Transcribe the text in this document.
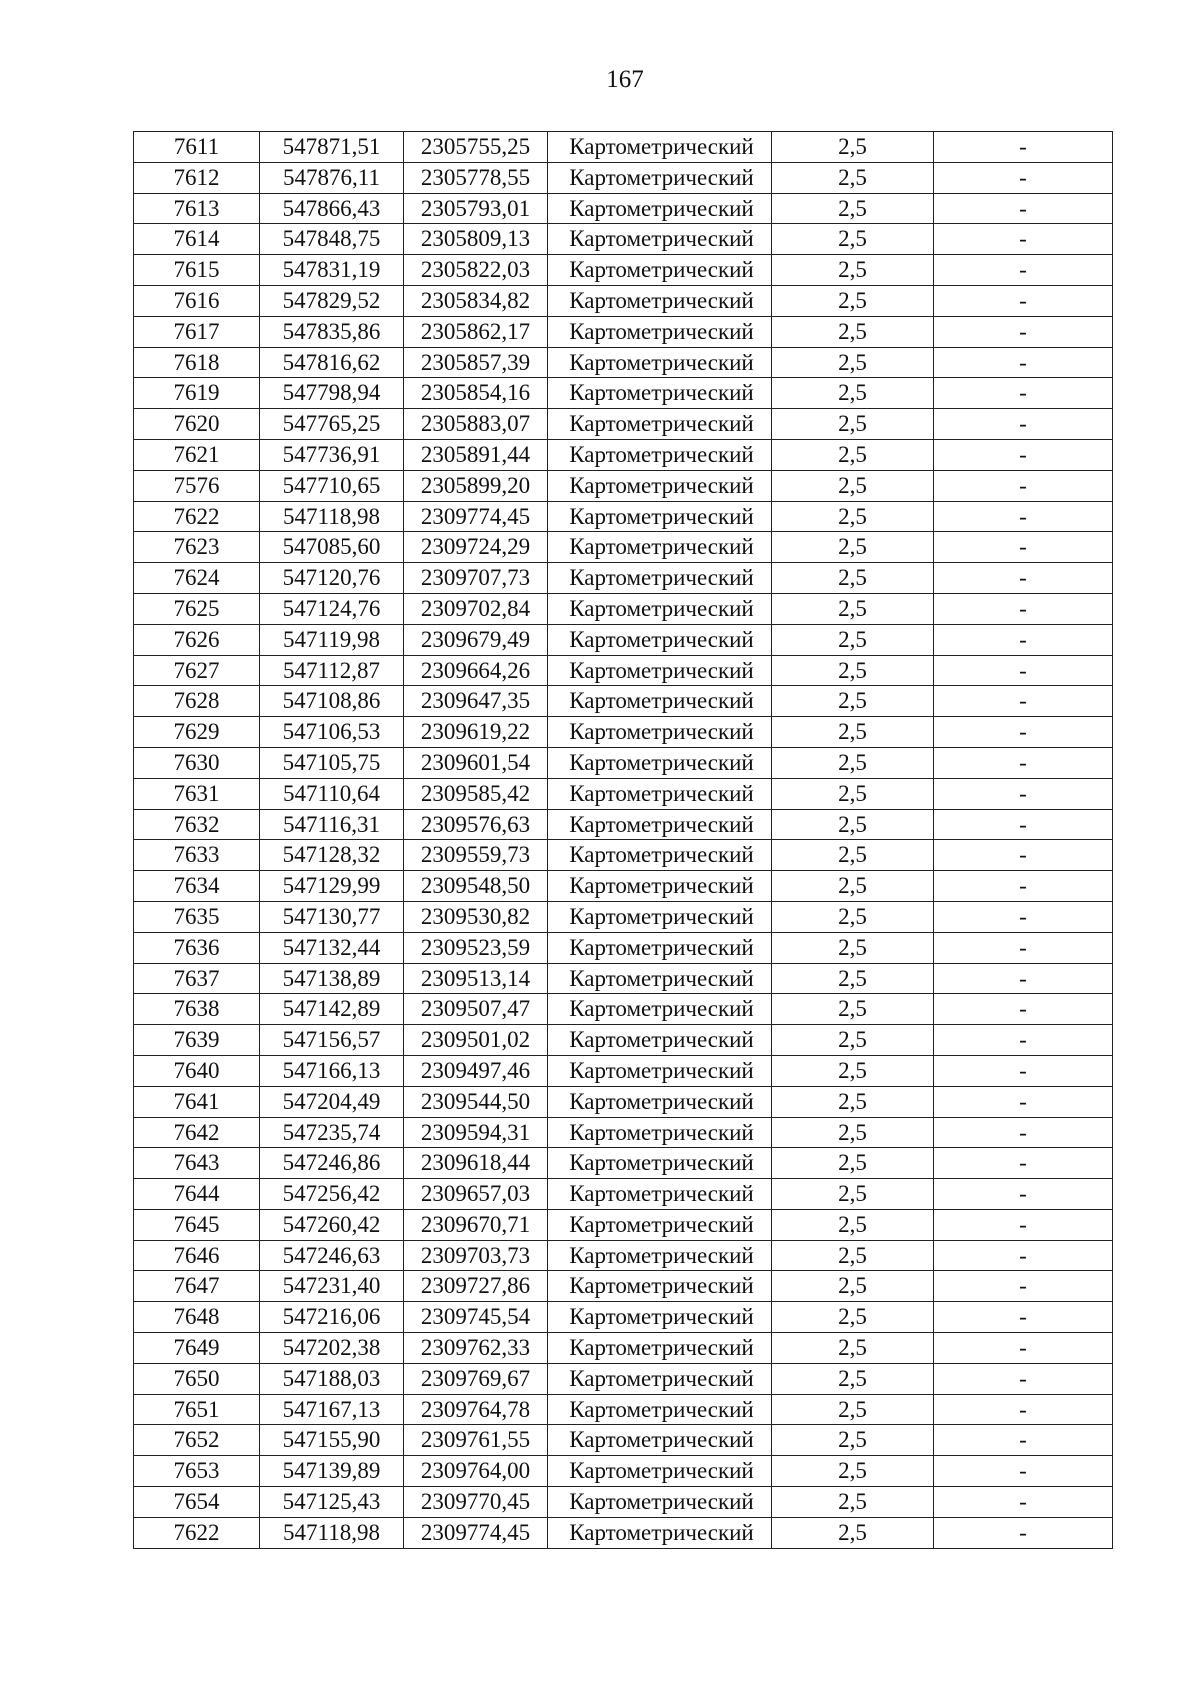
167
7611	547871,51	2305755,25	Картометрический	2,5	-
7612	547876,11	2305778,55	Картометрический	2,5	-
7613	547866,43	2305793,01	Картометрический	2,5	-
7614	547848,75	2305809,13	Картометрический	2,5	-
7615	547831,19	2305822,03	Картометрический	2,5	-
7616	547829,52	2305834,82	Картометрический	2,5	-
7617	547835,86	2305862,17	Картометрический	2,5	-
7618	547816,62	2305857,39	Картометрический	2,5	-
7619	547798,94	2305854,16	Картометрический	2,5	-
7620	547765,25	2305883,07	Картометрический	2,5	-
7621	547736,91	2305891,44	Картометрический	2,5	-
7576	547710,65	2305899,20	Картометрический	2,5	-
7622	547118,98	2309774,45	Картометрический	2,5	-
7623	547085,60	2309724,29	Картометрический	2,5	-
7624	547120,76	2309707,73	Картометрический	2,5	-
7625	547124,76	2309702,84	Картометрический	2,5	-
7626	547119,98	2309679,49	Картометрический	2,5	-
7627	547112,87	2309664,26	Картометрический	2,5	-
7628	547108,86	2309647,35	Картометрический	2,5	-
7629	547106,53	2309619,22	Картометрический	2,5	-
7630	547105,75	2309601,54	Картометрический	2,5	-
7631	547110,64	2309585,42	Картометрический	2,5	-
7632	547116,31	2309576,63	Картометрический	2,5	-
7633	547128,32	2309559,73	Картометрический	2,5	-
7634	547129,99	2309548,50	Картометрический	2,5	-
7635	547130,77	2309530,82	Картометрический	2,5	-
7636	547132,44	2309523,59	Картометрический	2,5	-
7637	547138,89	2309513,14	Картометрический	2,5	-
7638	547142,89	2309507,47	Картометрический	2,5	-
7639	547156,57	2309501,02	Картометрический	2,5	-
7640	547166,13	2309497,46	Картометрический	2,5	-
7641	547204,49	2309544,50	Картометрический	2,5	-
7642	547235,74	2309594,31	Картометрический	2,5	-
7643	547246,86	2309618,44	Картометрический	2,5	-
7644	547256,42	2309657,03	Картометрический	2,5	-
7645	547260,42	2309670,71	Картометрический	2,5	-
7646	547246,63	2309703,73	Картометрический	2,5	-
7647	547231,40	2309727,86	Картометрический	2,5	-
7648	547216,06	2309745,54	Картометрический	2,5	-
7649	547202,38	2309762,33	Картометрический	2,5	-
7650	547188,03	2309769,67	Картометрический	2,5	-
7651	547167,13	2309764,78	Картометрический	2,5	-
7652	547155,90	2309761,55	Картометрический	2,5	-
7653	547139,89	2309764,00	Картометрический	2,5	-
7654	547125,43	2309770,45	Картометрический	2,5	-
7622	547118,98	2309774,45	Картометрический	2,5	-
